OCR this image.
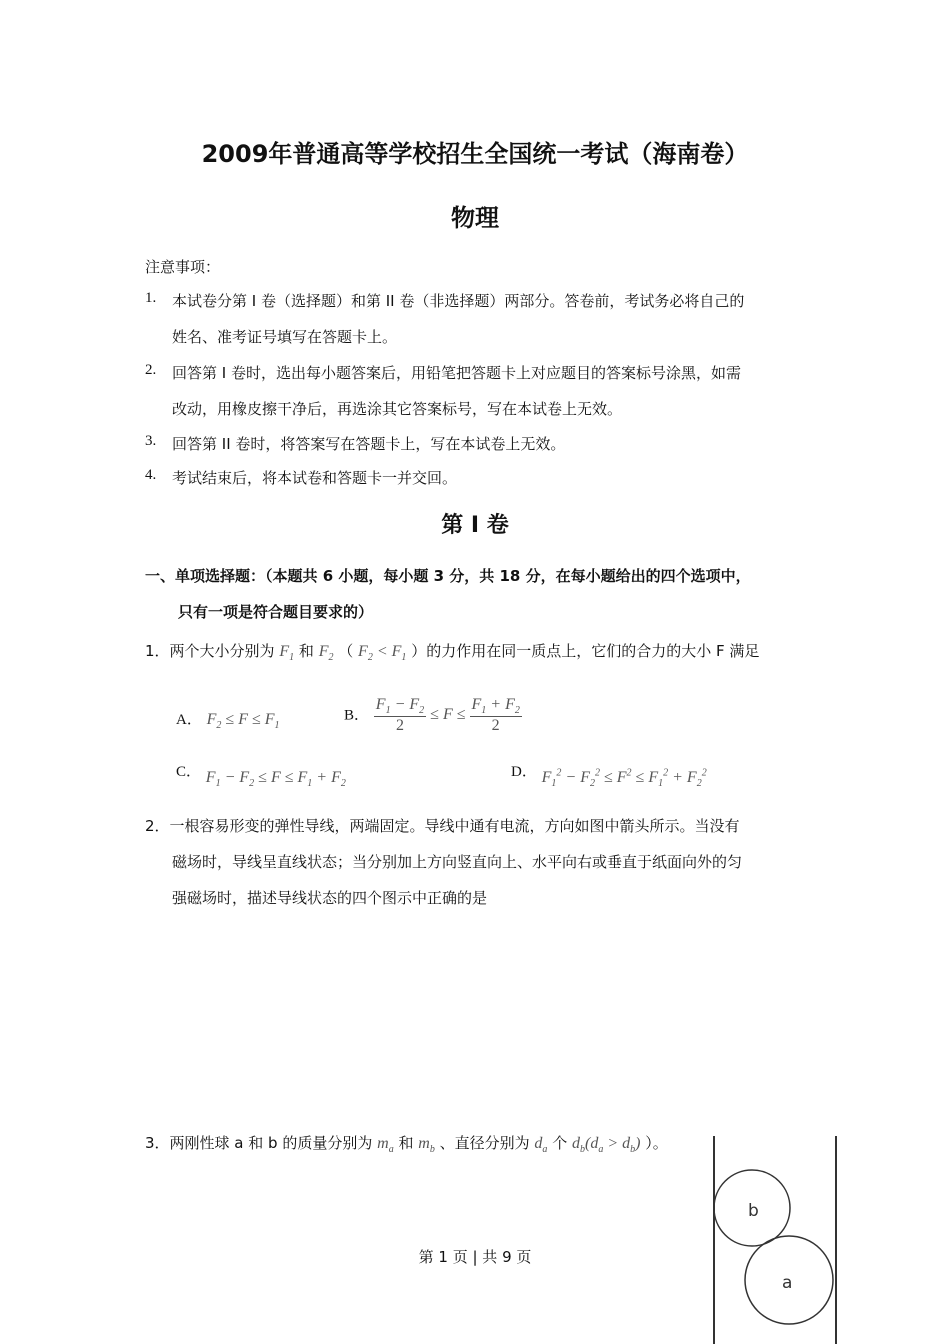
2009年普通高等学校招生全国统一考试（海南卷）
物理
注意事项：
1. 本试卷分第 I 卷（选择题）和第 II 卷（非选择题）两部分。答卷前，考试务必将自己的
姓名、准考证号填写在答题卡上。
2. 回答第 I 卷时，选出每小题答案后，用铅笔把答题卡上对应题目的答案标号涂黑，如需
改动，用橡皮擦干净后，再选涂其它答案标号，写在本试卷上无效。
3. 回答第 II 卷时，将答案写在答题卡上，写在本试卷上无效。
4. 考试结束后，将本试卷和答题卡一并交回。
第 I 卷
一、单项选择题：（本题共 6 小题，每小题 3 分，共 18 分，在每小题给出的四个选项中，
只有一项是符合题目要求的）
1．两个大小分别为 $F_1$ 和 $F_2$ （ $F_2 < F_1$ ）的力作用在同一质点上，它们的合力的大小 F 满足
A． $F_2 \le F \le F_1$
B． $\frac{F_1 - F_2}{2} \le F \le \frac{F_1 + F_2}{2}$
C． $F_1 - F_2 \le F \le F_1 + F_2$
D． $F_1^2 - F_2^2 \le F^2 \le F_1^2 + F_2^2$
2．一根容易形变的弹性导线，两端固定。导线中通有电流，方向如图中箭头所示。当没有
磁场时，导线呈直线状态；当分别加上方向竖直向上、水平向右或垂直于纸面向外的匀
强磁场时，描述导线状态的四个图示中正确的是
3．两刚性球 a 和 b 的质量分别为 $m_a$ 和 $m_b$ 、直径分别为 $d_a$ 个 $d_b(d_a > d_b)$ ）。
b
a
第 1 页 | 共 9 页
